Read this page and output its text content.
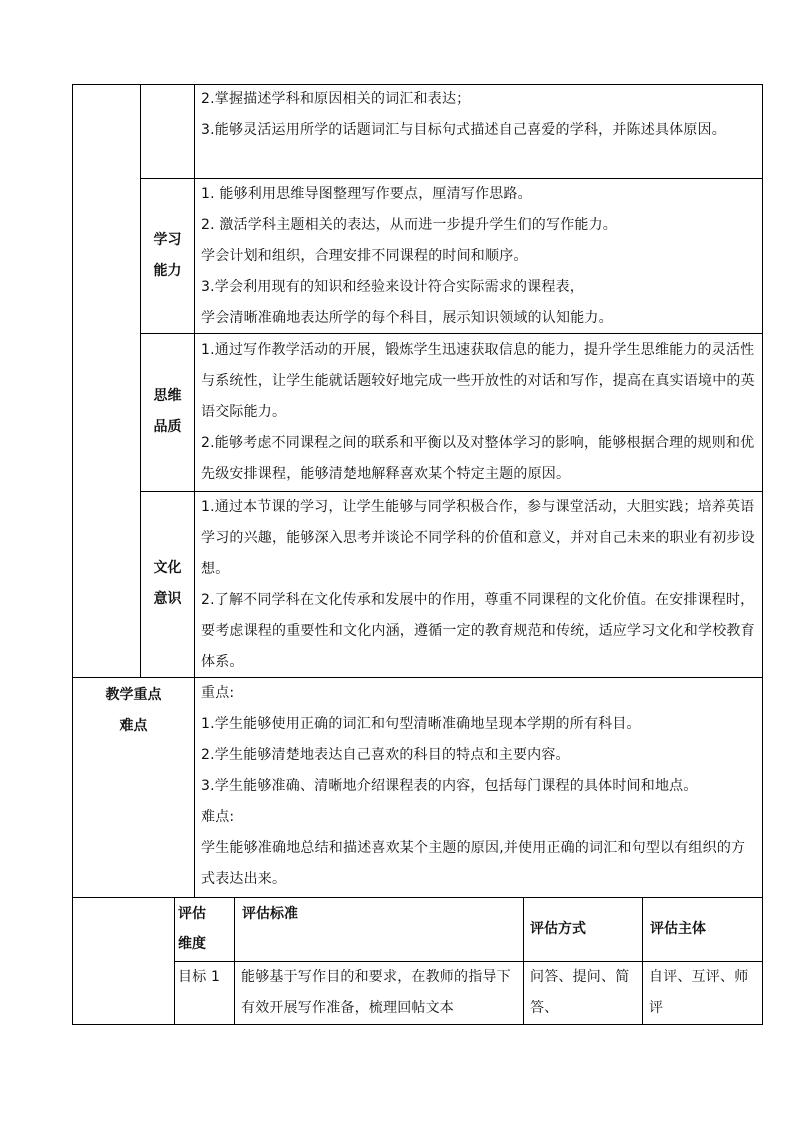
2.掌握描述学科和原因相关的词汇和表达；

3.能够灵活运用所学的话题词汇与目标句式描述自己喜爱的学科，并陈述具体原因。

学习

能力

1. 能够利用思维导图整理写作要点，厘清写作思路。

2. 激活学科主题相关的表达，从而进一步提升学生们的写作能力。

学会计划和组织，合理安排不同课程的时间和顺序。

3.学会利用现有的知识和经验来设计符合实际需求的课程表，

学会清晰准确地表达所学的每个科目，展示知识领域的认知能力。

思维

品质

1.通过写作教学活动的开展，锻炼学生迅速获取信息的能力，提升学生思维能力的灵活性与系统性，让学生能就话题较好地完成一些开放性的对话和写作，提高在真实语境中的英语交际能力。

2.能够考虑不同课程之间的联系和平衡以及对整体学习的影响，能够根据合理的规则和优先级安排课程，能够清楚地解释喜欢某个特定主题的原因。

文化

意识

1.通过本节课的学习，让学生能够与同学积极合作，参与课堂活动，大胆实践；培养英语学习的兴趣，能够深入思考并谈论不同学科的价值和意义，并对自己未来的职业有初步设想。

2.了解不同学科在文化传承和发展中的作用，尊重不同课程的文化价值。在安排课程时，要考虑课程的重要性和文化内涵，遵循一定的教育规范和传统，适应学习文化和学校教育体系。

教学重点

难点

重点:

1.学生能够使用正确的词汇和句型清晰准确地呈现本学期的所有科目。

2.学生能够清楚地表达自己喜欢的科目的特点和主要内容。

3.学生能够准确、清晰地介绍课程表的内容，包括每门课程的具体时间和地点。

难点:

学生能够准确地总结和描述喜欢某个主题的原因,并使用正确的词汇和句型以有组织的方式表达出来。

评估维度
评估标准
评估方式	评估主体
目标 1	能够基于写作目的和要求，在教师的指导下有效开展写作准备，梳理回帖文本
问答、提问、简答、
自评、互评、师评
